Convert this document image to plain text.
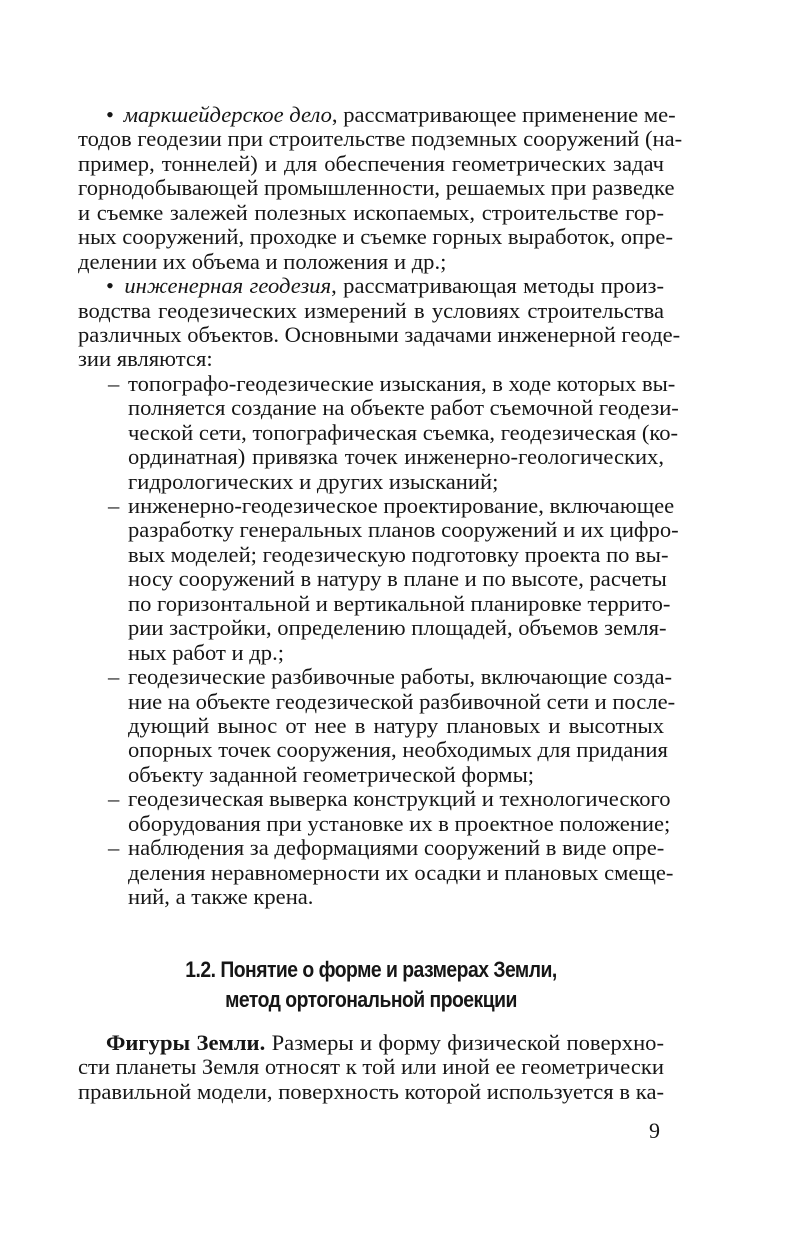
• маркшейдерское дело, рассматривающее применение ме-
тодов геодезии при строительстве подземных сооружений (на-
пример, тоннелей) и для обеспечения геометрических задач
горнодобывающей промышленности, решаемых при разведке
и съемке залежей полезных ископаемых, строительстве гор-
ных сооружений, проходке и съемке горных выработок, опре-
делении их объема и положения и др.;
• инженерная геодезия, рассматривающая методы произ-
водства геодезических измерений в условиях строительства
различных объектов. Основными задачами инженерной геоде-
зии являются:
– топографо-геодезические изыскания, в ходе которых вы-
полняется создание на объекте работ съемочной геодези-
ческой сети, топографическая съемка, геодезическая (ко-
ординатная) привязка точек инженерно-геологических,
гидрологических и других изысканий;
– инженерно-геодезическое проектирование, включающее
разработку генеральных планов сооружений и их цифро-
вых моделей; геодезическую подготовку проекта по вы-
носу сооружений в натуру в плане и по высоте, расчеты
по горизонтальной и вертикальной планировке террито-
рии застройки, определению площадей, объемов земля-
ных работ и др.;
– геодезические разбивочные работы, включающие созда-
ние на объекте геодезической разбивочной сети и после-
дующий вынос от нее в натуру плановых и высотных
опорных точек сооружения, необходимых для придания
объекту заданной геометрической формы;
– геодезическая выверка конструкций и технологического
оборудования при установке их в проектное положение;
– наблюдения за деформациями сооружений в виде опре-
деления неравномерности их осадки и плановых смеще-
ний, а также крена.
1.2. Понятие о форме и размерах Земли,
метод ортогональной проекции
Фигуры Земли. Размеры и форму физической поверхно-
сти планеты Земля относят к той или иной ее геометрически
правильной модели, поверхность которой используется в ка-
9
